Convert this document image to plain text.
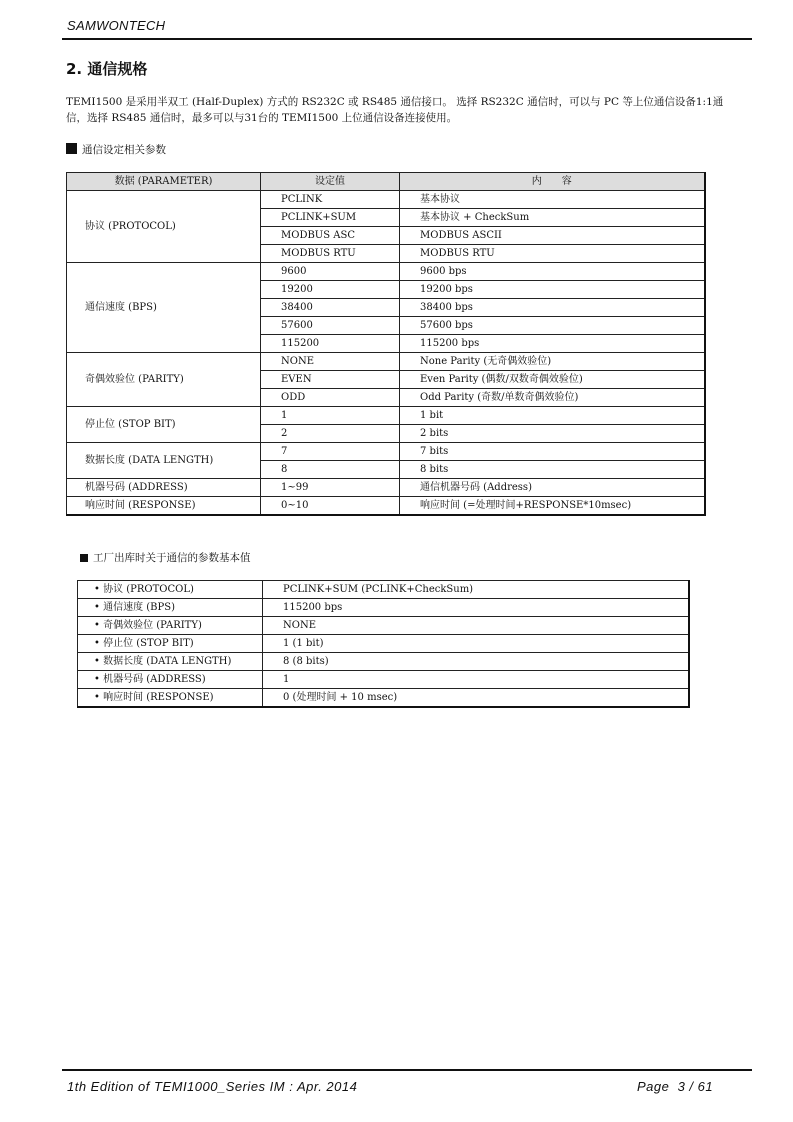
SAMWONTECH
2. 通信规格
TEMI1500 是采用半双工 (Half-Duplex) 方式的 RS232C 或 RS485 通信接口。 选择 RS232C 通信时，可以与 PC 等上位通信设备1:1通信，选择 RS485 通信时，最多可以与31台的 TEMI1500 上位通信设备连接使用。
通信设定相关参数
数据 (PARAMETER)	设定值	内　　容
协议 (PROTOCOL)	PCLINK	基本协议
	PCLINK+SUM	基本协议 + CheckSum
	MODBUS ASC	MODBUS ASCII
	MODBUS RTU	MODBUS RTU
通信速度 (BPS)	9600	9600 bps
	19200	19200 bps
	38400	38400 bps
	57600	57600 bps
	115200	115200 bps
奇偶效验位 (PARITY)	NONE	None Parity (无奇偶效验位)
	EVEN	Even Parity (偶数/双数奇偶效验位)
	ODD	Odd Parity (奇数/单数奇偶效验位)
停止位 (STOP BIT)	1	1 bit
	2	2 bits
数据长度 (DATA LENGTH)	7	7 bits
	8	8 bits
机器号码 (ADDRESS)	1~99	通信机器号码 (Address)
响应时间 (RESPONSE)	0~10	响应时间 (=处理时间+RESPONSE*10msec)
工厂出库时关于通信的参数基本值
• 协议 (PROTOCOL)	PCLINK+SUM (PCLINK+CheckSum)
• 通信速度 (BPS)	115200 bps
• 奇偶效验位 (PARITY)	NONE
• 停止位 (STOP BIT)	1 (1 bit)
• 数据长度 (DATA LENGTH)	8 (8 bits)
• 机器号码 (ADDRESS)	1
• 响应时间 (RESPONSE)	0 (处理时间 + 10 msec)
1th Edition of TEMI1000_Series IM : Apr. 2014	Page  3 / 61
